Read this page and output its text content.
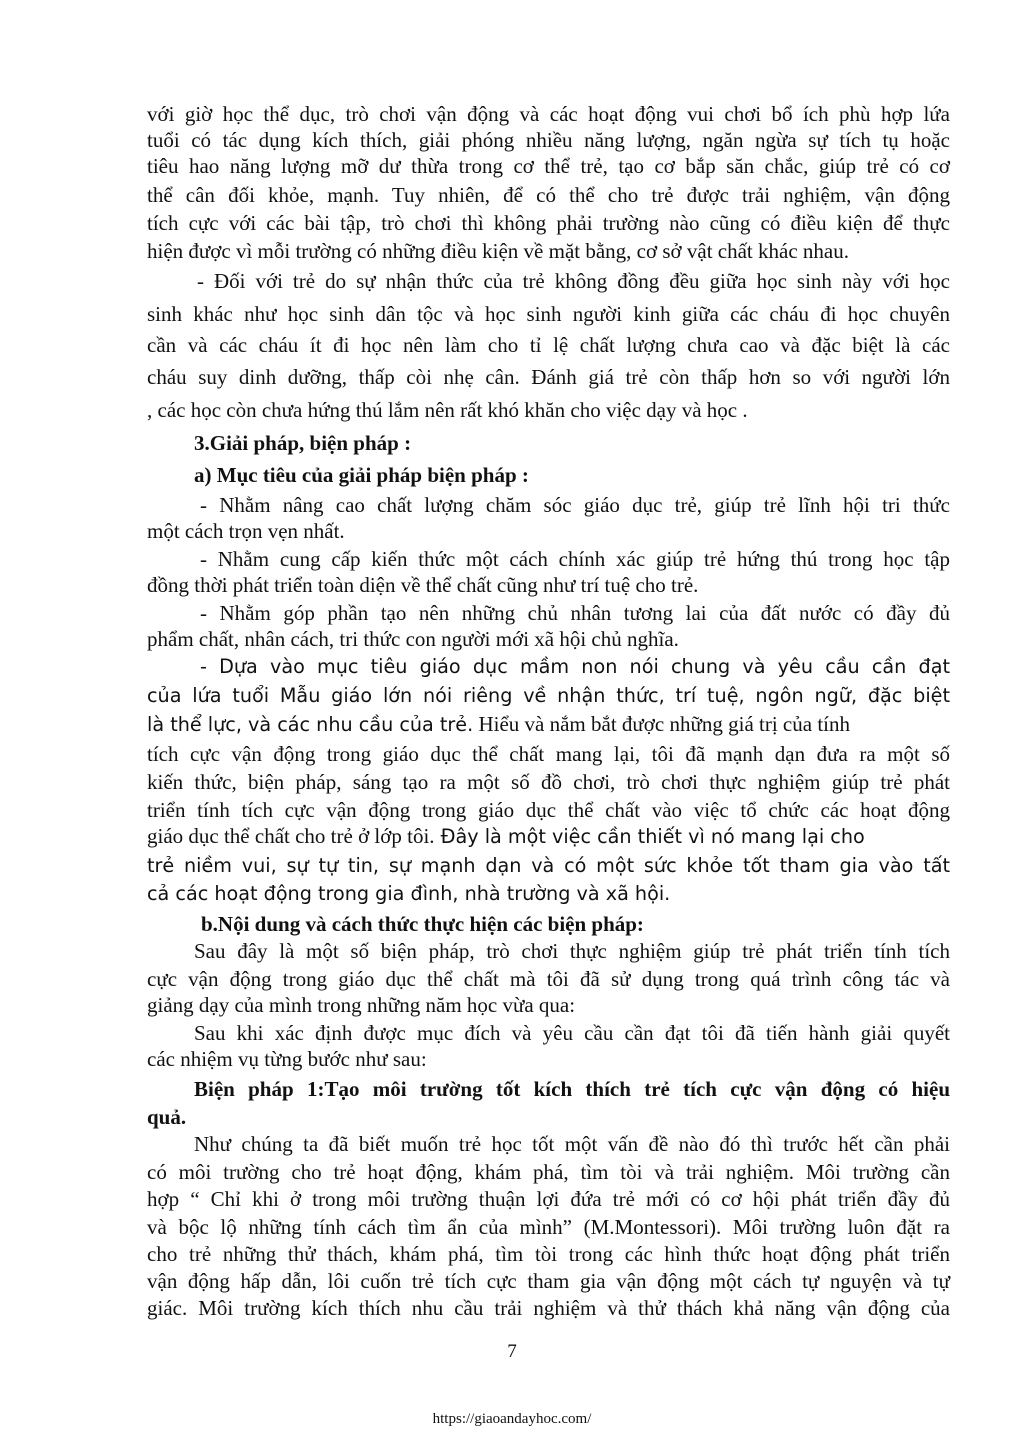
với giờ học thể dục, trò chơi vận động và các hoạt động vui chơi bổ ích phù hợp lứa
tuổi có tác dụng kích thích, giải phóng nhiều năng lượng, ngăn ngừa sự tích tụ hoặc
tiêu hao năng lượng mỡ dư thừa trong cơ thể trẻ, tạo cơ bắp săn chắc, giúp trẻ có cơ
thể cân đối khỏe, mạnh. Tuy nhiên, để có thể cho trẻ được trải nghiệm, vận động
tích cực với các bài tập, trò chơi thì không phải trường nào cũng có điều kiện để thực
hiện được vì mỗi trường có những điều kiện về mặt bằng, cơ sở vật chất khác nhau.
- Đối với trẻ do sự nhận thức của trẻ không đồng đều giữa học sinh này với học
sinh khác như học sinh dân tộc và học sinh người kinh giữa các cháu đi học chuyên
cần và các cháu ít đi học nên làm cho tỉ lệ chất lượng chưa cao và đặc biệt là các
cháu suy dinh dưỡng, thấp còi nhẹ cân. Đánh giá trẻ còn thấp hơn so với người lớn
, các học còn chưa hứng thú lắm nên rất khó khăn cho việc dạy và học .
3.Giải pháp, biện pháp :
a) Mục tiêu của giải pháp biện pháp :
- Nhằm nâng cao chất lượng chăm sóc giáo dục trẻ, giúp trẻ lĩnh hội tri thức
một cách trọn vẹn nhất.
- Nhằm cung cấp kiến thức một cách chính xác giúp trẻ hứng thú trong học tập
đồng thời phát triển toàn diện về thể chất cũng như trí tuệ cho trẻ.
- Nhằm góp phần tạo nên những chủ nhân tương lai của đất nước có đầy đủ
phẩm chất, nhân cách, tri thức con người mới xã hội chủ nghĩa.
- Dựa vào mục tiêu giáo dục mầm non nói chung và yêu cầu cần đạt
của lứa tuổi Mẫu giáo lớn nói riêng về nhận thức, trí tuệ, ngôn ngữ, đặc biệt
là thể lực, và các nhu cầu của trẻ. Hiểu và nắm bắt được những giá trị của tính
tích cực vận động trong giáo dục thể chất mang lại, tôi đã mạnh dạn đưa ra một số
kiến thức, biện pháp, sáng tạo ra một số đồ chơi, trò chơi thực nghiệm giúp trẻ phát
triển tính tích cực vận động trong giáo dục thể chất vào việc tổ chức các hoạt động
giáo dục thể chất cho trẻ ở lớp tôi. Đây là một việc cần thiết vì nó mang lại cho
trẻ niềm vui, sự tự tin, sự mạnh dạn và có một sức khỏe tốt tham gia vào tất
cả các hoạt động trong gia đình, nhà trường và xã hội.
b.Nội dung và cách thức thực hiện các biện pháp:
Sau đây là một số biện pháp, trò chơi thực nghiệm giúp trẻ phát triển tính tích
cực vận động trong giáo dục thể chất mà tôi đã sử dụng trong quá trình công tác và
giảng dạy của mình trong những năm học vừa qua:
Sau khi xác định được mục đích và yêu cầu cần đạt tôi đã tiến hành giải quyết
các nhiệm vụ từng bước như sau:
Biện pháp 1:Tạo môi trường tốt kích thích trẻ tích cực vận động có hiệu
quả.
Như chúng ta đã biết muốn trẻ học tốt một vấn đề nào đó thì trước hết cần phải
có môi trường cho trẻ hoạt động, khám phá, tìm tòi và trải nghiệm. Môi trường cần
hợp “ Chỉ khi ở trong môi trường thuận lợi đứa trẻ mới có cơ hội phát triển đầy đủ
và bộc lộ những tính cách tìm ẩn của mình” (M.Montessori). Môi trường luôn đặt ra
cho trẻ những thử thách, khám phá, tìm tòi trong các hình thức hoạt động phát triển
vận động hấp dẫn, lôi cuốn trẻ tích cực tham gia vận động một cách tự nguyện và tự
giác. Môi trường kích thích nhu cầu trải nghiệm và thử thách khả năng vận động của
7
https://giaoandayhoc.com/
